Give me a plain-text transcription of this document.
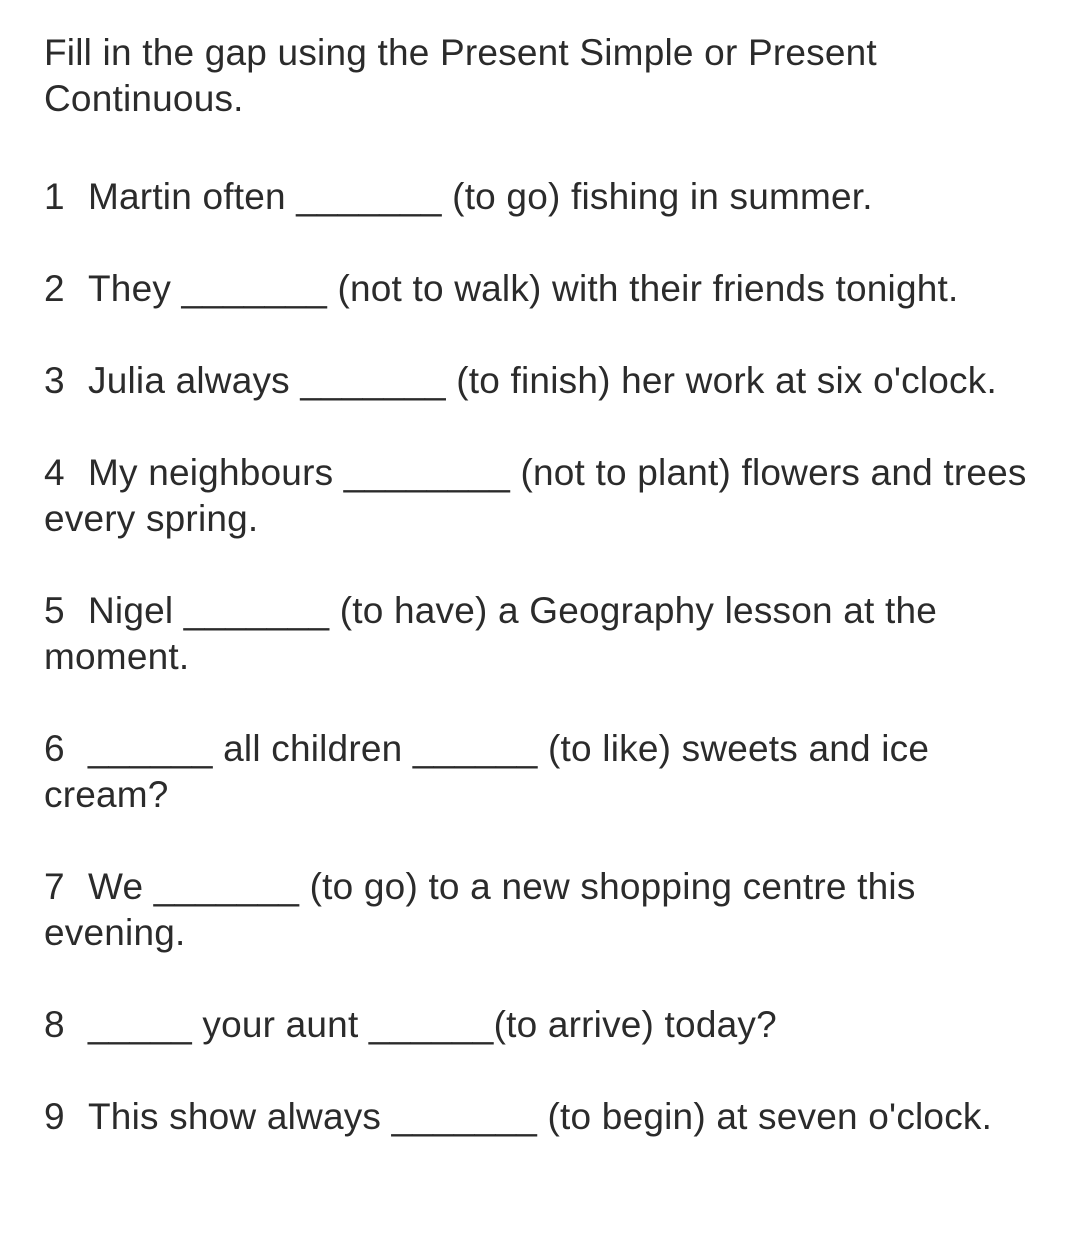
Fill in the gap using the Present Simple or Present Continuous.

1 Martin often _______ (to go) fishing in summer.
2 They _______ (not to walk) with their friends tonight.
3 Julia always _______ (to finish) her work at six o'clock.
4 My neighbours ________ (not to plant) flowers and trees every spring.
5 Nigel _______ (to have) a Geography lesson at the moment.
6 ______ all children ______ (to like) sweets and ice cream?
7 We _______ (to go) to a new shopping centre this evening.
8 _____ your aunt ______(to arrive) today?
9 This show always _______ (to begin) at seven o'clock.
